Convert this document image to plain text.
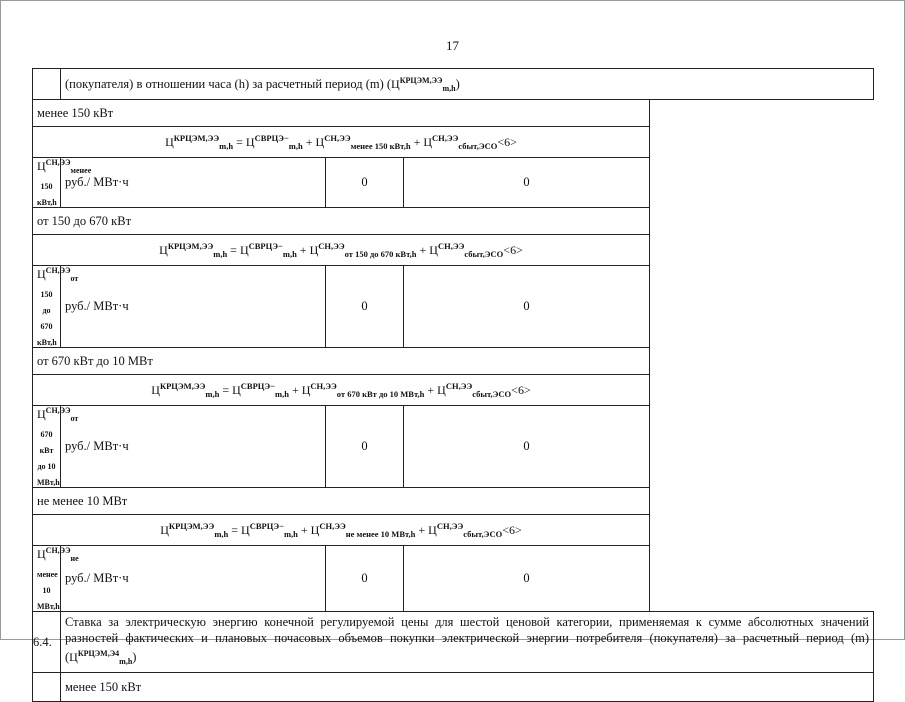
17
	(покупателя) в отношении часа (h) за расчетный период (m) $(Ц^{КРЦЭМ,ЭЭ}_{m,h})$		
менее 150 кВт			
$Ц^{КРЦЭМ,ЭЭ}_{m,h} = Ц^{СВРЦЭ-}_{m,h} + Ц^{СН,ЭЭ}_{менее 150 кВт,h} + Ц^{СН,ЭЭ}_{сбыт,ЭСО}<6>$			
$Ц^{СН,ЭЭ}_{менее 150 кВт,h}$	руб./ МВт·ч	0	0
от 150 до 670 кВт			
$Ц^{КРЦЭМ,ЭЭ}_{m,h} = Ц^{СВРЦЭ-}_{m,h} + Ц^{СН,ЭЭ}_{от 150 до 670 кВт,h} + Ц^{СН,ЭЭ}_{сбыт,ЭСО}<6>$			
$Ц^{СН,ЭЭ}_{от 150 до 670 кВт,h}$	руб./ МВт·ч	0	0
от 670 кВт до 10 МВт			
$Ц^{КРЦЭМ,ЭЭ}_{m,h} = Ц^{СВРЦЭ-}_{m,h} + Ц^{СН,ЭЭ}_{от 670 кВт до 10 МВт,h} + Ц^{СН,ЭЭ}_{сбыт,ЭСО}<6>$			
$Ц^{СН,ЭЭ}_{от 670 кВт до 10 МВт,h}$	руб./ МВт·ч	0	0
не менее 10 МВт			
$Ц^{КРЦЭМ,ЭЭ}_{m,h} = Ц^{СВРЦЭ-}_{m,h} + Ц^{СН,ЭЭ}_{не менее 10 МВт,h} + Ц^{СН,ЭЭ}_{сбыт,ЭСО}<6>$			
$Ц^{СН,ЭЭ}_{не менее 10 МВт,h}$	руб./ МВт·ч	0	0
6.4.	Ставка за электрическую энергию конечной регулируемой цены для шестой ценовой категории, применяемая к сумме абсолютных значений разностей фактических и плановых почасовых объемов покупки электрической энергии потребителя (покупателя) за расчетный период (m) $(Ц^{КРЦЭМ,Э4}_{m,h})$		
	менее 150 кВт		
